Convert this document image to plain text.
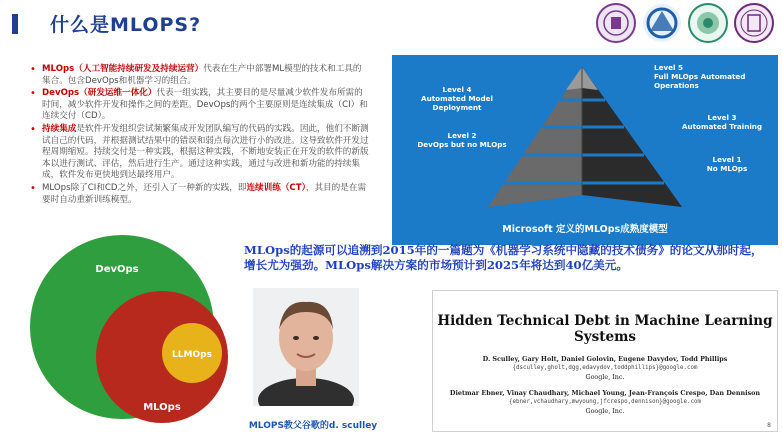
什么是MLOPS?
• MLOps（人工智能持续研发及持续运营）代表在生产中部署ML模型的技术和工具的集合。包含DevOps和机器学习的组合。
• DevOps（研发运维一体化）代表一组实践，其主要目的是尽量减少软件发布所需的时间，减少软件开发和操作之间的差距。DevOps的两个主要原则是连续集成（CI）和连续交付（CD）。
• 持续集成是软件开发组织尝试频繁集成开发团队编写的代码的实践。因此，他们不断测试自己的代码，并根据测试结果中的错误和弱点每次进行小的改进。这导致软件开发过程周期缩短。持续交付是一种实践，根据这种实践，不断地安装正在开发的软件的新版本以进行测试、评估，然后进行生产。通过这种实践，通过与改进和新功能的持续集成，软件发布更快地到达最终用户。
• MLOps除了CI和CD之外，还引入了一种新的实践，即连续训练（CT），其目的是在需要时自动重新训练模型。
Level 5
Full MLOps Automated
Operations
Level 4
Automated Model
Deployment
Level 3
Automated Training
Level 2
DevOps but no MLOps
Level 1
No MLOps
Microsoft 定义的MLOps成熟度模型
DevOps
MLOps
LLMOps
MLOps的起源可以追溯到2015年的一篇题为《机器学习系统中隐藏的技术债务》的论文从那时起，增长尤为强劲。MLOps解决方案的市场预计到2025年将达到40亿美元。
MLOPS教父谷歌的d. sculley
Hidden Technical Debt in Machine Learning Systems
D. Sculley, Gary Holt, Daniel Golovin, Eugene Davydov, Todd Phillips
{dsculley,gholt,dgg,edavydov,toddphillips}@google.com
Google, Inc.
Dietmar Ebner, Vinay Chaudhary, Michael Young, Jean-François Crespo, Dan Dennison
{ebner,vchaudhary,mwyoung,jfcrespo,dennison}@google.com
Google, Inc.
8
